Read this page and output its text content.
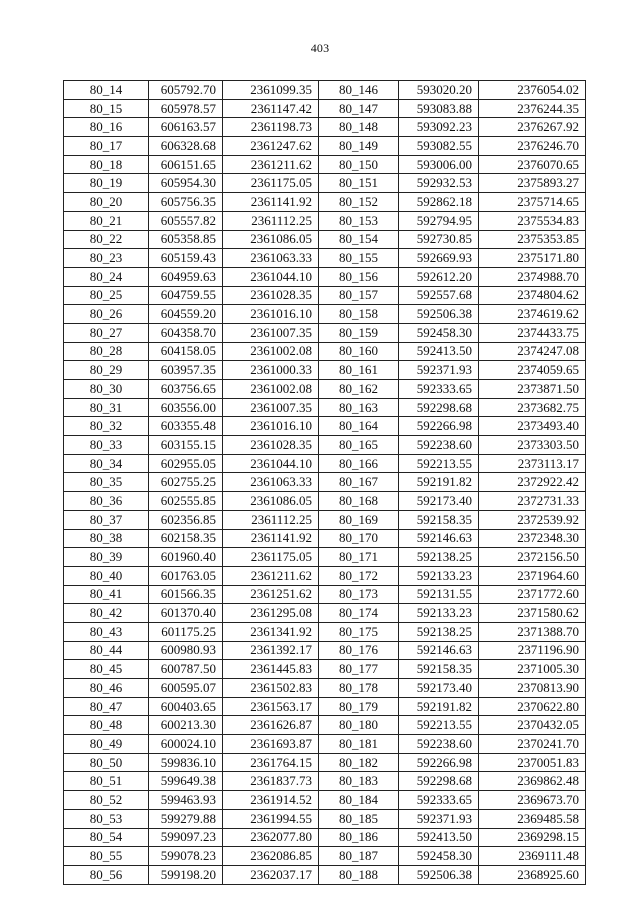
403
80_14	605792.70	2361099.35	80_146	593020.20	2376054.02
80_15	605978.57	2361147.42	80_147	593083.88	2376244.35
80_16	606163.57	2361198.73	80_148	593092.23	2376267.92
80_17	606328.68	2361247.62	80_149	593082.55	2376246.70
80_18	606151.65	2361211.62	80_150	593006.00	2376070.65
80_19	605954.30	2361175.05	80_151	592932.53	2375893.27
80_20	605756.35	2361141.92	80_152	592862.18	2375714.65
80_21	605557.82	2361112.25	80_153	592794.95	2375534.83
80_22	605358.85	2361086.05	80_154	592730.85	2375353.85
80_23	605159.43	2361063.33	80_155	592669.93	2375171.80
80_24	604959.63	2361044.10	80_156	592612.20	2374988.70
80_25	604759.55	2361028.35	80_157	592557.68	2374804.62
80_26	604559.20	2361016.10	80_158	592506.38	2374619.62
80_27	604358.70	2361007.35	80_159	592458.30	2374433.75
80_28	604158.05	2361002.08	80_160	592413.50	2374247.08
80_29	603957.35	2361000.33	80_161	592371.93	2374059.65
80_30	603756.65	2361002.08	80_162	592333.65	2373871.50
80_31	603556.00	2361007.35	80_163	592298.68	2373682.75
80_32	603355.48	2361016.10	80_164	592266.98	2373493.40
80_33	603155.15	2361028.35	80_165	592238.60	2373303.50
80_34	602955.05	2361044.10	80_166	592213.55	2373113.17
80_35	602755.25	2361063.33	80_167	592191.82	2372922.42
80_36	602555.85	2361086.05	80_168	592173.40	2372731.33
80_37	602356.85	2361112.25	80_169	592158.35	2372539.92
80_38	602158.35	2361141.92	80_170	592146.63	2372348.30
80_39	601960.40	2361175.05	80_171	592138.25	2372156.50
80_40	601763.05	2361211.62	80_172	592133.23	2371964.60
80_41	601566.35	2361251.62	80_173	592131.55	2371772.60
80_42	601370.40	2361295.08	80_174	592133.23	2371580.62
80_43	601175.25	2361341.92	80_175	592138.25	2371388.70
80_44	600980.93	2361392.17	80_176	592146.63	2371196.90
80_45	600787.50	2361445.83	80_177	592158.35	2371005.30
80_46	600595.07	2361502.83	80_178	592173.40	2370813.90
80_47	600403.65	2361563.17	80_179	592191.82	2370622.80
80_48	600213.30	2361626.87	80_180	592213.55	2370432.05
80_49	600024.10	2361693.87	80_181	592238.60	2370241.70
80_50	599836.10	2361764.15	80_182	592266.98	2370051.83
80_51	599649.38	2361837.73	80_183	592298.68	2369862.48
80_52	599463.93	2361914.52	80_184	592333.65	2369673.70
80_53	599279.88	2361994.55	80_185	592371.93	2369485.58
80_54	599097.23	2362077.80	80_186	592413.50	2369298.15
80_55	599078.23	2362086.85	80_187	592458.30	2369111.48
80_56	599198.20	2362037.17	80_188	592506.38	2368925.60
